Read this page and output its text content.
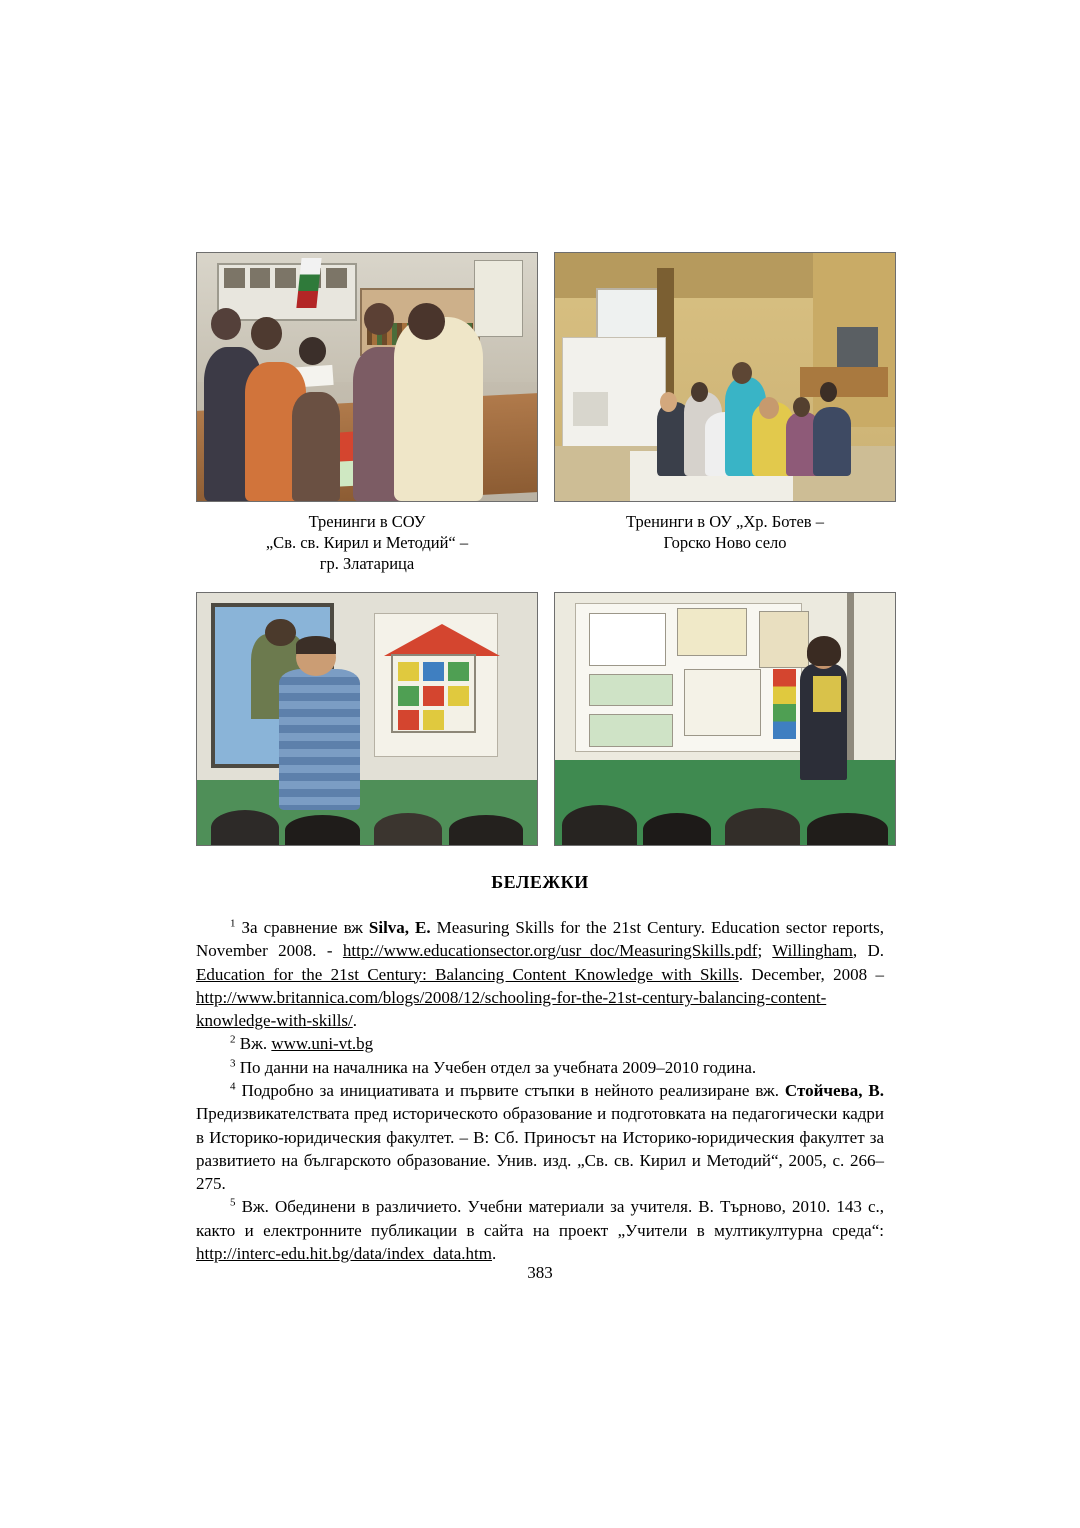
Тренинги в СОУ
„Св. св. Кирил и Методий“ –
гр. Златарица
Тренинги в ОУ „Хр. Ботев –
Горско Ново село
БЕЛЕЖКИ

$^1$ За сравнение вж Silva, E. Measuring Skills for the 21st Century. Education sector reports, November 2008. - http://www.educationsector.org/usr_doc/MeasuringSkills.pdf; Willingham, D. Education for the 21st Century: Balancing Content Knowledge with Skills. December, 2008 – http://www.britannica.com/blogs/2008/12/schooling-for-the-21st-century-balancing-content-knowledge-with-skills/.

$^2$ Вж. www.uni-vt.bg

$^3$ По данни на началника на Учебен отдел за учебната 2009–2010 година.

$^4$ Подробно за инициативата и първите стъпки в нейното реализиране вж. Стойчева, В. Предизвикателствата пред историческото образование и подготовката на педагогически кадри в Историко-юридическия факултет. – В: Сб. Приносът на Историко-юридическия факултет за развитието на българското образование. Унив. изд. „Св. св. Кирил и Методий“, 2005, с. 266–275.

$^5$ Вж. Обединени в различието. Учебни материали за учителя. В. Търново, 2010. 143 с., както и електронните публикации в сайта на проект „Учители в мултикултурна среда“: http://interc-edu.hit.bg/data/index_data.htm.

383
